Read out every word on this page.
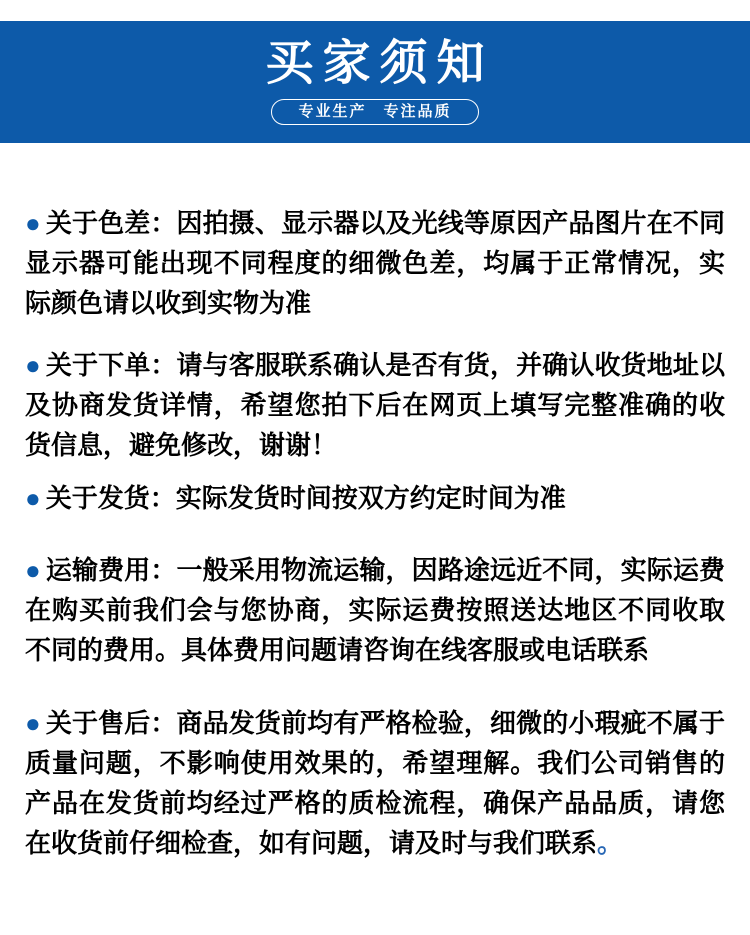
买家须知
专业生产　专注品质
● 关于色差：因拍摄、显示器以及光线等原因产品图片在不同显示器可能出现不同程度的细微色差，均属于正常情况，实际颜色请以收到实物为准
● 关于下单：请与客服联系确认是否有货，并确认收货地址以及协商发货详情，希望您拍下后在网页上填写完整准确的收货信息，避免修改，谢谢！
● 关于发货：实际发货时间按双方约定时间为准
● 运输费用：一般采用物流运输，因路途远近不同，实际运费在购买前我们会与您协商，实际运费按照送达地区不同收取不同的费用。具体费用问题请咨询在线客服或电话联系
● 关于售后：商品发货前均有严格检验，细微的小瑕疵不属于质量问题，不影响使用效果的，希望理解。我们公司销售的产品在发货前均经过严格的质检流程，确保产品品质，请您在收货前仔细检查，如有问题，请及时与我们联系。
